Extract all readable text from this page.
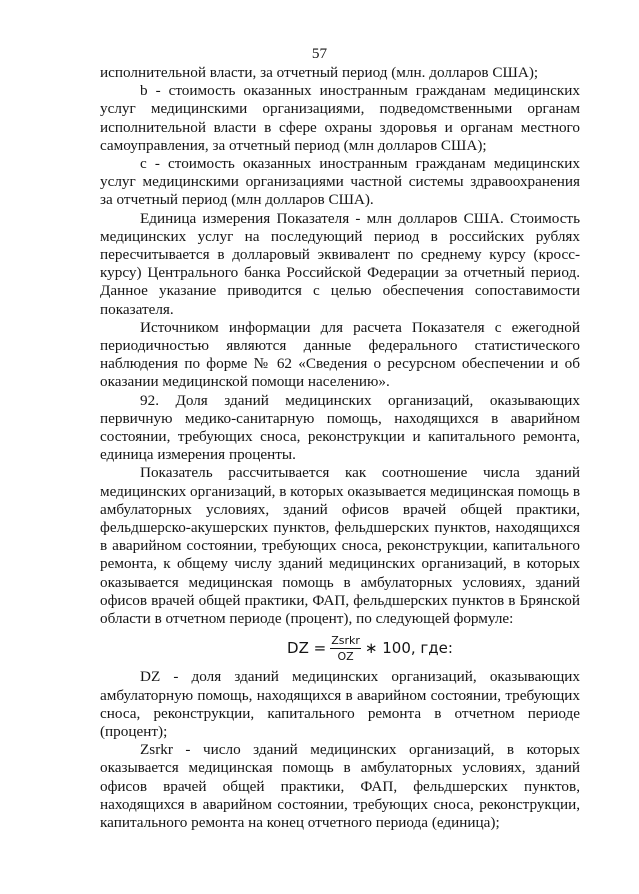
57

исполнительной власти, за отчетный период (млн. долларов США);

b - стоимость оказанных иностранным гражданам медицинских услуг медицинскими организациями, подведомственными органам исполнительной власти в сфере охраны здоровья и органам местного самоуправления, за отчетный период (млн долларов США);

c - стоимость оказанных иностранным гражданам медицинских услуг медицинскими организациями частной системы здравоохранения за отчетный период (млн долларов США).

Единица измерения Показателя - млн долларов США. Стоимость медицинских услуг на последующий период в российских рублях пересчитывается в долларовый эквивалент по среднему курсу (кросс-курсу) Центрального банка Российской Федерации за отчетный период. Данное указание приводится с целью обеспечения сопоставимости показателя.

Источником информации для расчета Показателя с ежегодной периодичностью являются данные федерального статистического наблюдения по форме № 62 «Сведения о ресурсном обеспечении и об оказании медицинской помощи населению».

92. Доля зданий медицинских организаций, оказывающих первичную медико-санитарную помощь, находящихся в аварийном состоянии, требующих сноса, реконструкции и капитального ремонта, единица измерения проценты.

Показатель рассчитывается как соотношение числа зданий медицинских организаций, в которых оказывается медицинская помощь в амбулаторных условиях, зданий офисов врачей общей практики, фельдшерско-акушерских пунктов, фельдшерских пунктов, находящихся в аварийном состоянии, требующих сноса, реконструкции, капитального ремонта, к общему числу зданий медицинских организаций, в которых оказывается медицинская помощь в амбулаторных условиях, зданий офисов врачей общей практики, ФАП, фельдшерских пунктов в Брянской области в отчетном периоде (процент), по следующей формуле:

DZ = $\frac{\text{Zsrkr}}{OZ}$ ∗ 100, где:

DZ - доля зданий медицинских организаций, оказывающих амбулаторную помощь, находящихся в аварийном состоянии, требующих сноса, реконструкции, капитального ремонта в отчетном периоде (процент);

Zsrkr - число зданий медицинских организаций, в которых оказывается медицинская помощь в амбулаторных условиях, зданий офисов врачей общей практики, ФАП, фельдшерских пунктов, находящихся в аварийном состоянии, требующих сноса, реконструкции, капитального ремонта на конец отчетного периода (единица);
